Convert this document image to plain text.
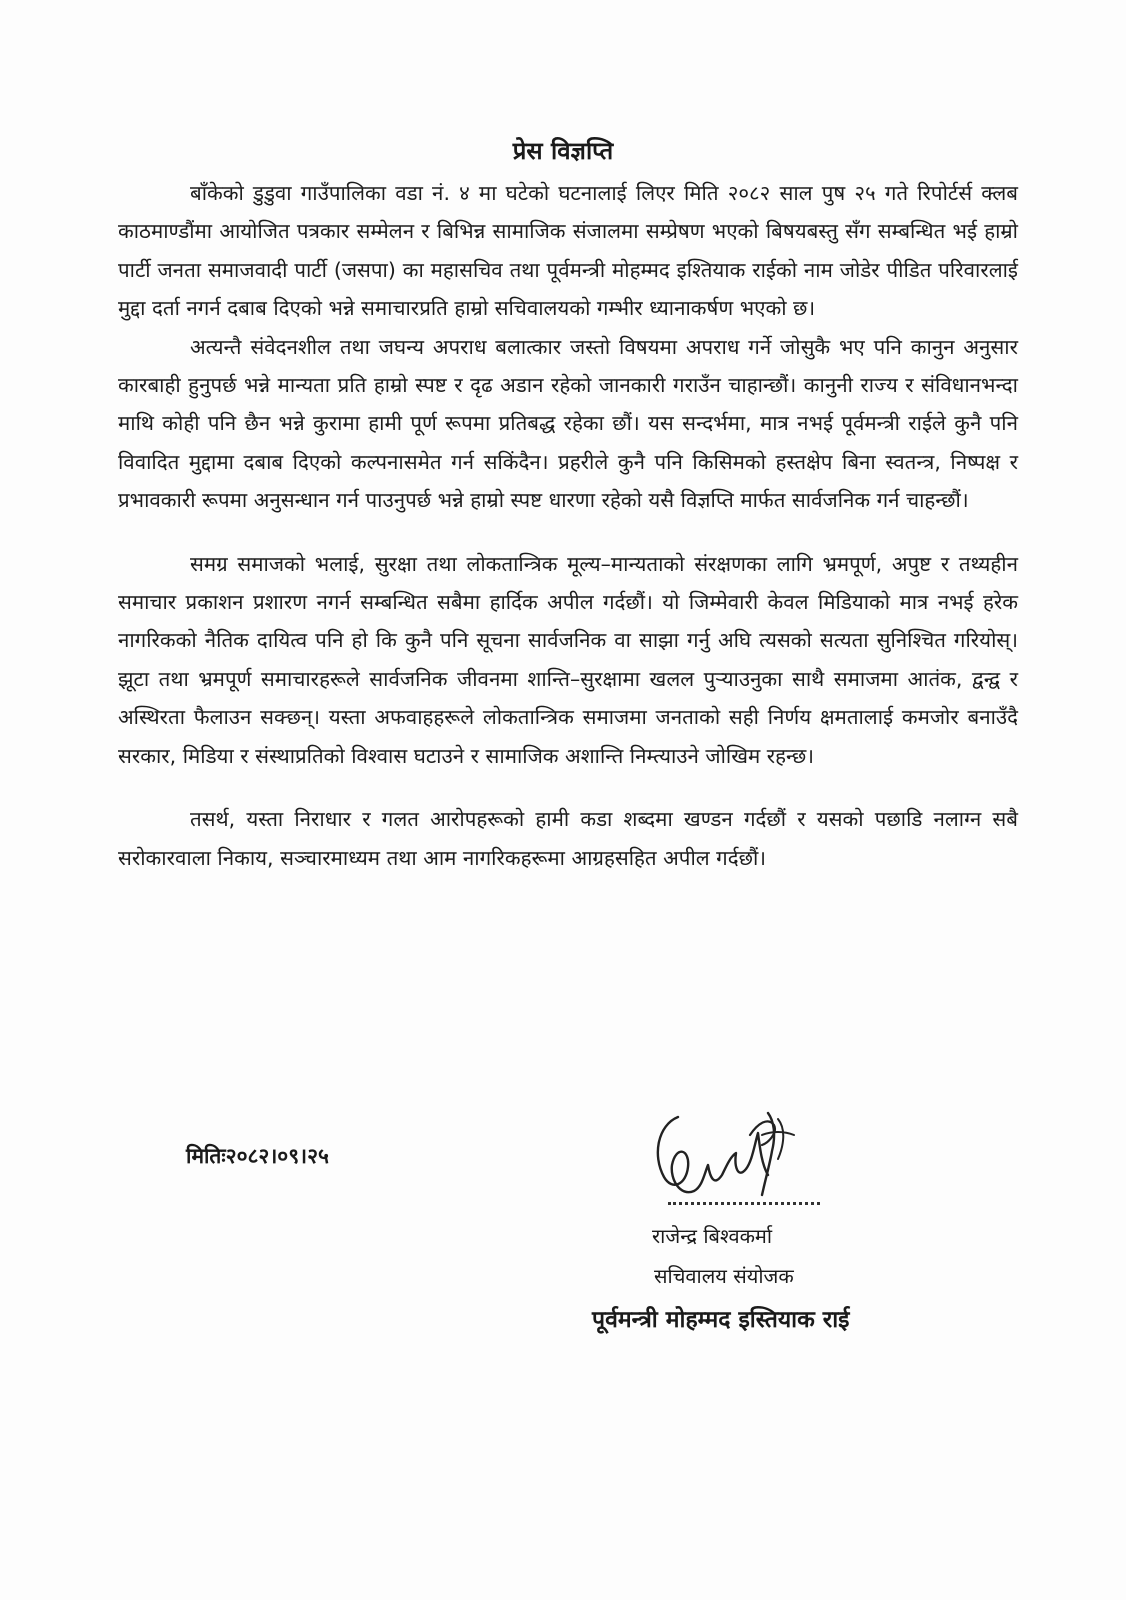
प्रेस विज्ञप्ति

बाँकेको डुडुवा गाउँपालिका वडा नं. ४ मा घटेको घटनालाई लिएर मिति २०८२ साल पुष २५ गते रिपोर्टर्स क्लब काठमाण्डौंमा आयोजित पत्रकार सम्मेलन र बिभिन्न सामाजिक संजालमा सम्प्रेषण भएको बिषयबस्तु सँग सम्बन्धित भई हाम्रो पार्टी जनता समाजवादी पार्टी (जसपा) का महासचिव तथा पूर्वमन्त्री मोहम्मद इश्तियाक राईको नाम जोडेर पीडित परिवारलाई मुद्दा दर्ता नगर्न दबाब दिएको भन्ने समाचारप्रति हाम्रो सचिवालयको गम्भीर ध्यानाकर्षण भएको छ।

अत्यन्तै संवेदनशील तथा जघन्य अपराध बलात्कार जस्तो विषयमा अपराध गर्ने जोसुकै भए पनि कानुन अनुसार कारबाही हुनुपर्छ भन्ने मान्यता प्रति हाम्रो स्पष्ट र दृढ अडान रहेको जानकारी गराउँन चाहान्छौं। कानुनी राज्य र संविधानभन्दा माथि कोही पनि छैन भन्ने कुरामा हामी पूर्ण रूपमा प्रतिबद्ध रहेका छौं। यस सन्दर्भमा, मात्र नभई पूर्वमन्त्री राईले कुनै पनि विवादित मुद्दामा दबाब दिएको कल्पनासमेत गर्न सकिंदैन। प्रहरीले कुनै पनि किसिमको हस्तक्षेप बिना स्वतन्त्र, निष्पक्ष र प्रभावकारी रूपमा अनुसन्धान गर्न पाउनुपर्छ भन्ने हाम्रो स्पष्ट धारणा रहेको यसै विज्ञप्ति मार्फत सार्वजनिक गर्न चाहन्छौं।

समग्र समाजको भलाई, सुरक्षा तथा लोकतान्त्रिक मूल्य–मान्यताको संरक्षणका लागि भ्रमपूर्ण, अपुष्ट र तथ्यहीन समाचार प्रकाशन प्रशारण नगर्न सम्बन्धित सबैमा हार्दिक अपील गर्दछौं। यो जिम्मेवारी केवल मिडियाको मात्र नभई हरेक नागरिकको नैतिक दायित्व पनि हो कि कुनै पनि सूचना सार्वजनिक वा साझा गर्नु अघि त्यसको सत्यता सुनिश्चित गरियोस्। झूटा तथा भ्रमपूर्ण समाचारहरूले सार्वजनिक जीवनमा शान्ति–सुरक्षामा खलल पुऱ्याउनुका साथै समाजमा आतंक, द्वन्द्व र अस्थिरता फैलाउन सक्छन्। यस्ता अफवाहहरूले लोकतान्त्रिक समाजमा जनताको सही निर्णय क्षमतालाई कमजोर बनाउँदै सरकार, मिडिया र संस्थाप्रतिको विश्वास घटाउने र सामाजिक अशान्ति निम्त्याउने जोखिम रहन्छ।

तसर्थ, यस्ता निराधार र गलत आरोपहरूको हामी कडा शब्दमा खण्डन गर्दछौं र यसको पछाडि नलाग्न सबै सरोकारवाला निकाय, सञ्चारमाध्यम तथा आम नागरिकहरूमा आग्रहसहित अपील गर्दछौं।

मितिः२०८२।०९।२५
राजेन्द्र बिश्वकर्मा
सचिवालय संयोजक
पूर्वमन्त्री मोहम्मद इस्तियाक राई
